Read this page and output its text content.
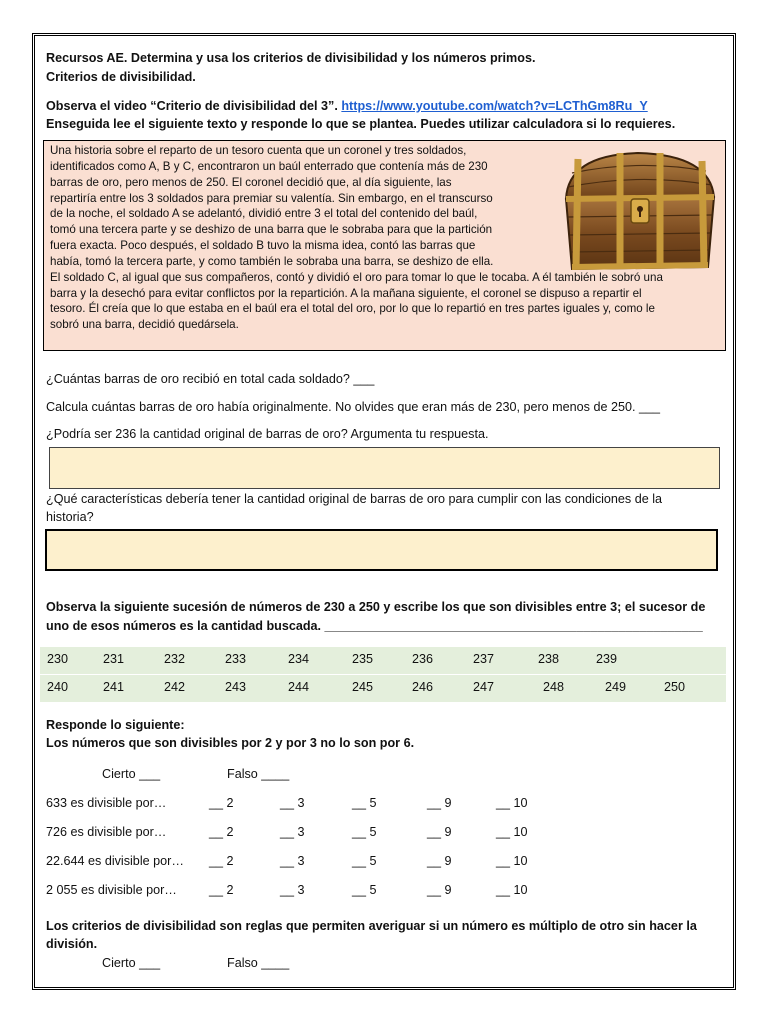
Recursos AE. Determina y usa los criterios de divisibilidad y los números primos.
Criterios de divisibilidad.
Observa el video “Criterio de divisibilidad del 3”. https://www.youtube.com/watch?v=LCThGm8Ru_Y
Enseguida lee el siguiente texto y responde lo que se plantea. Puedes utilizar calculadora si lo requieres.
Una historia sobre el reparto de un tesoro cuenta que un coronel y tres soldados,
identificados como A, B y C, encontraron un baúl enterrado que contenía más de 230
barras de oro, pero menos de 250. El coronel decidió que, al día siguiente, las
repartiría entre los 3 soldados para premiar su valentía. Sin embargo, en el transcurso
de la noche, el soldado A se adelantó, dividió entre 3 el total del contenido del baúl,
tomó una tercera parte y se deshizo de una barra que le sobraba para que la partición
fuera exacta. Poco después, el soldado B tuvo la misma idea, contó las barras que
había, tomó la tercera parte, y como también le sobraba una barra, se deshizo de ella.
El soldado C, al igual que sus compañeros, contó y dividió el oro para tomar lo que le tocaba. A él también le sobró una
barra y la desechó para evitar conflictos por la repartición. A la mañana siguiente, el coronel se dispuso a repartir el
tesoro. Él creía que lo que estaba en el baúl era el total del oro, por lo que lo repartió en tres partes iguales y, como le
sobró una barra, decidió quedársela.
¿Cuántas barras de oro recibió en total cada soldado? ___
Calcula cuántas barras de oro había originalmente. No olvides que eran más de 230, pero menos de 250. ___
¿Podría ser 236 la cantidad original de barras de oro? Argumenta tu respuesta.
¿Qué características debería tener la cantidad original de barras de oro para cumplir con las condiciones de la
historia?
Observa la siguiente sucesión de números de 230 a 250 y escribe los que son divisibles entre 3; el sucesor de
uno de esos números es la cantidad buscada. ______________________________________________________
230	231	232	233	234	235	236	237	238	239
240	241	242	243	244	245	246	247	248	249	250
Responde lo siguiente:
Los números que son divisibles por 2 y por 3 no lo son por 6.
Cierto ___	Falso ____
633 es divisible por…	__ 2	__ 3	__ 5	__ 9	__ 10
726 es divisible por…	__ 2	__ 3	__ 5	__ 9	__ 10
22.644 es divisible por… __ 2	__ 3	__ 5	__ 9	__ 10
2 055 es divisible por…	__ 2	__ 3	__ 5	__ 9	__ 10
Los criterios de divisibilidad son reglas que permiten averiguar si un número es múltiplo de otro sin hacer la
división.
Cierto ___	Falso ____
